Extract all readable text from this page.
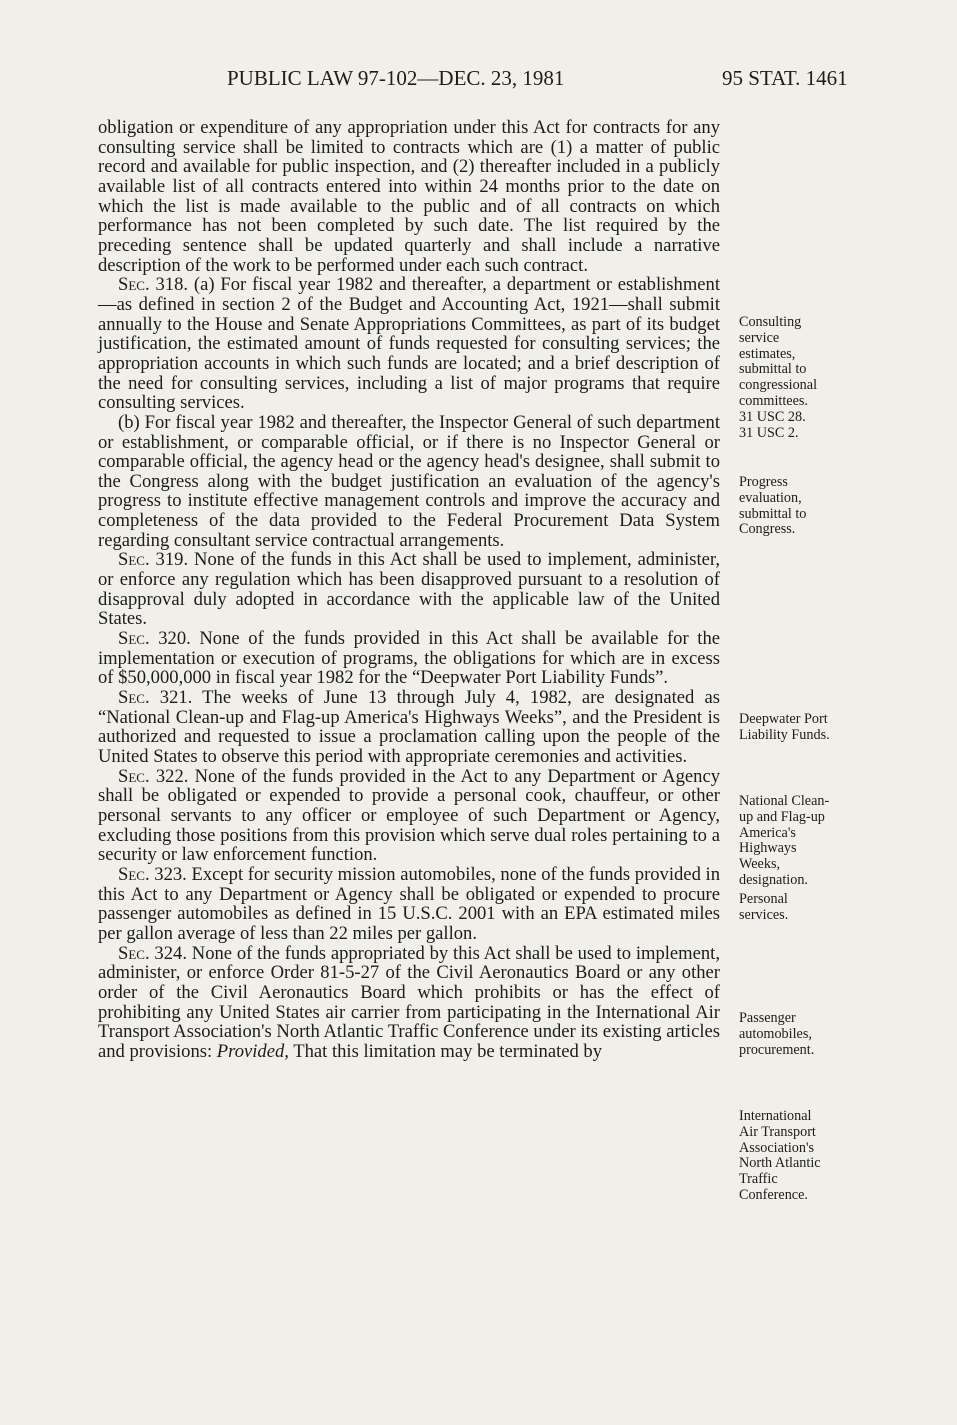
PUBLIC LAW 97-102—DEC. 23, 1981	95 STAT. 1461

obligation or expenditure of any appropriation under this Act for contracts for any consulting service shall be limited to contracts which are (1) a matter of public record and available for public inspection, and (2) thereafter included in a publicly available list of all contracts entered into within 24 months prior to the date on which the list is made available to the public and of all contracts on which performance has not been completed by such date. The list required by the preceding sentence shall be updated quarterly and shall include a narrative description of the work to be performed under each such contract.

Sec. 318. (a) For fiscal year 1982 and thereafter, a department or establishment—as defined in section 2 of the Budget and Accounting Act, 1921—shall submit annually to the House and Senate Appropriations Committees, as part of its budget justification, the estimated amount of funds requested for consulting services; the appropriation accounts in which such funds are located; and a brief description of the need for consulting services, including a list of major programs that require consulting services.

(b) For fiscal year 1982 and thereafter, the Inspector General of such department or establishment, or comparable official, or if there is no Inspector General or comparable official, the agency head or the agency head's designee, shall submit to the Congress along with the budget justification an evaluation of the agency's progress to institute effective management controls and improve the accuracy and completeness of the data provided to the Federal Procurement Data System regarding consultant service contractual arrangements.

Sec. 319. None of the funds in this Act shall be used to implement, administer, or enforce any regulation which has been disapproved pursuant to a resolution of disapproval duly adopted in accordance with the applicable law of the United States.

Sec. 320. None of the funds provided in this Act shall be available for the implementation or execution of programs, the obligations for which are in excess of $50,000,000 in fiscal year 1982 for the “Deepwater Port Liability Funds”.

Sec. 321. The weeks of June 13 through July 4, 1982, are designated as “National Clean-up and Flag-up America's Highways Weeks”, and the President is authorized and requested to issue a proclamation calling upon the people of the United States to observe this period with appropriate ceremonies and activities.

Sec. 322. None of the funds provided in the Act to any Department or Agency shall be obligated or expended to provide a personal cook, chauffeur, or other personal servants to any officer or employee of such Department or Agency, excluding those positions from this provision which serve dual roles pertaining to a security or law enforcement function.

Sec. 323. Except for security mission automobiles, none of the funds provided in this Act to any Department or Agency shall be obligated or expended to procure passenger automobiles as defined in 15 U.S.C. 2001 with an EPA estimated miles per gallon average of less than 22 miles per gallon.

Sec. 324. None of the funds appropriated by this Act shall be used to implement, administer, or enforce Order 81-5-27 of the Civil Aeronautics Board or any other order of the Civil Aeronautics Board which prohibits or has the effect of prohibiting any United States air carrier from participating in the International Air Transport Association's North Atlantic Traffic Conference under its existing articles and provisions: Provided, That this limitation may be terminated by

Consulting
service
estimates,
submittal to
congressional
committees.
31 USC 28.
31 USC 2.
Progress
evaluation,
submittal to
Congress.
Deepwater Port
Liability Funds.
National Clean-
up and Flag-up
America's
Highways
Weeks,
designation.
Personal
services.
Passenger
automobiles,
procurement.
International
Air Transport
Association's
North Atlantic
Traffic
Conference.
